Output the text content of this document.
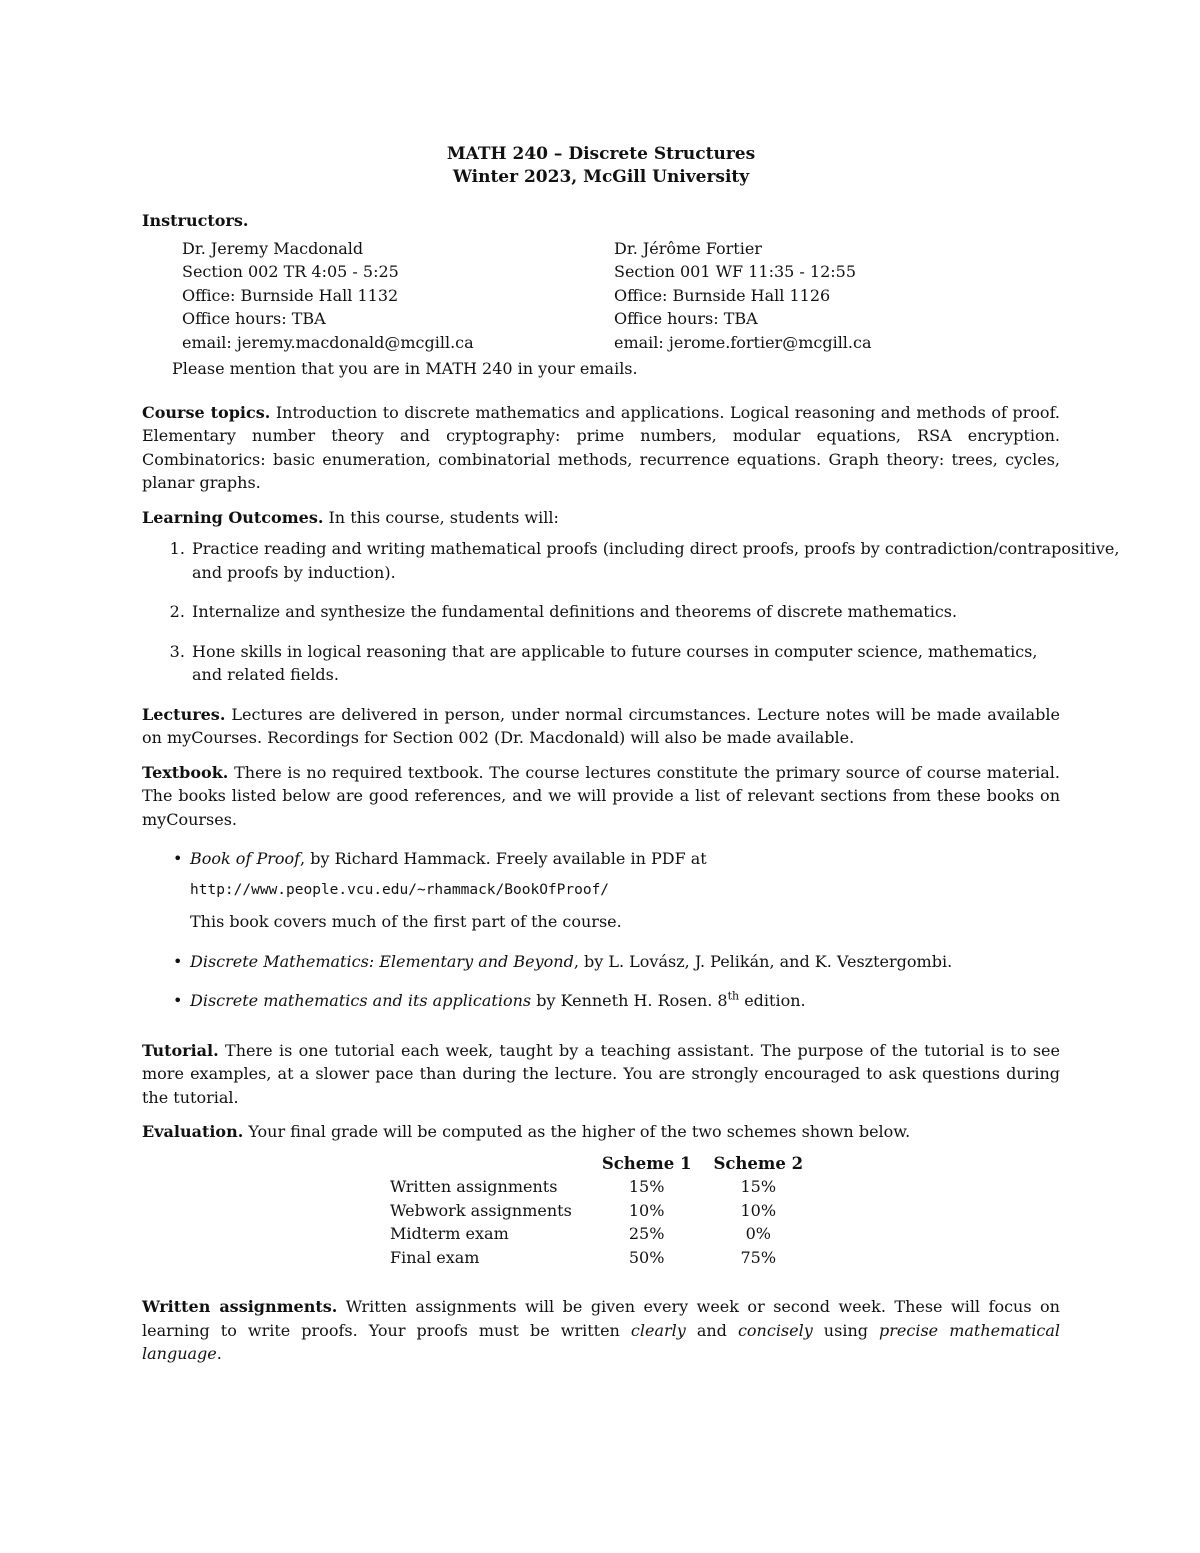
MATH 240 – Discrete Structures
Winter 2023, McGill University
Instructors.
Dr. Jeremy Macdonald
Section 002 TR 4:05 - 5:25
Office: Burnside Hall 1132
Office hours: TBA
email: jeremy.macdonald@mcgill.ca
Dr. Jérôme Fortier
Section 001 WF 11:35 - 12:55
Office: Burnside Hall 1126
Office hours: TBA
email: jerome.fortier@mcgill.ca
Please mention that you are in MATH 240 in your emails.

Course topics. Introduction to discrete mathematics and applications. Logical reasoning and methods of proof. Elementary number theory and cryptography: prime numbers, modular equations, RSA encryption. Combinatorics: basic enumeration, combinatorial methods, recurrence equations. Graph theory: trees, cycles, planar graphs.

Learning Outcomes. In this course, students will:

1. Practice reading and writing mathematical proofs (including direct proofs, proofs by contradiction/contrapositive, and proofs by induction).
2. Internalize and synthesize the fundamental definitions and theorems of discrete mathematics.
3. Hone skills in logical reasoning that are applicable to future courses in computer science, mathematics, and related fields.

Lectures. Lectures are delivered in person, under normal circumstances. Lecture notes will be made available on myCourses. Recordings for Section 002 (Dr. Macdonald) will also be made available.

Textbook. There is no required textbook. The course lectures constitute the primary source of course material. The books listed below are good references, and we will provide a list of relevant sections from these books on myCourses.

• Book of Proof, by Richard Hammack. Freely available in PDF at
http://www.people.vcu.edu/~rhammack/BookOfProof/
This book covers much of the first part of the course.
• Discrete Mathematics: Elementary and Beyond, by L. Lovász, J. Pelikán, and K. Vesztergombi.
• Discrete mathematics and its applications by Kenneth H. Rosen. 8th edition.

Tutorial. There is one tutorial each week, taught by a teaching assistant. The purpose of the tutorial is to see more examples, at a slower pace than during the lecture. You are strongly encouraged to ask questions during the tutorial.

Evaluation. Your final grade will be computed as the higher of the two schemes shown below.

	Scheme 1	Scheme 2
Written assignments	15%	15%
Webwork assignments	10%	10%
Midterm exam	25%	0%
Final exam	50%	75%

Written assignments. Written assignments will be given every week or second week. These will focus on learning to write proofs. Your proofs must be written clearly and concisely using precise mathematical language.
